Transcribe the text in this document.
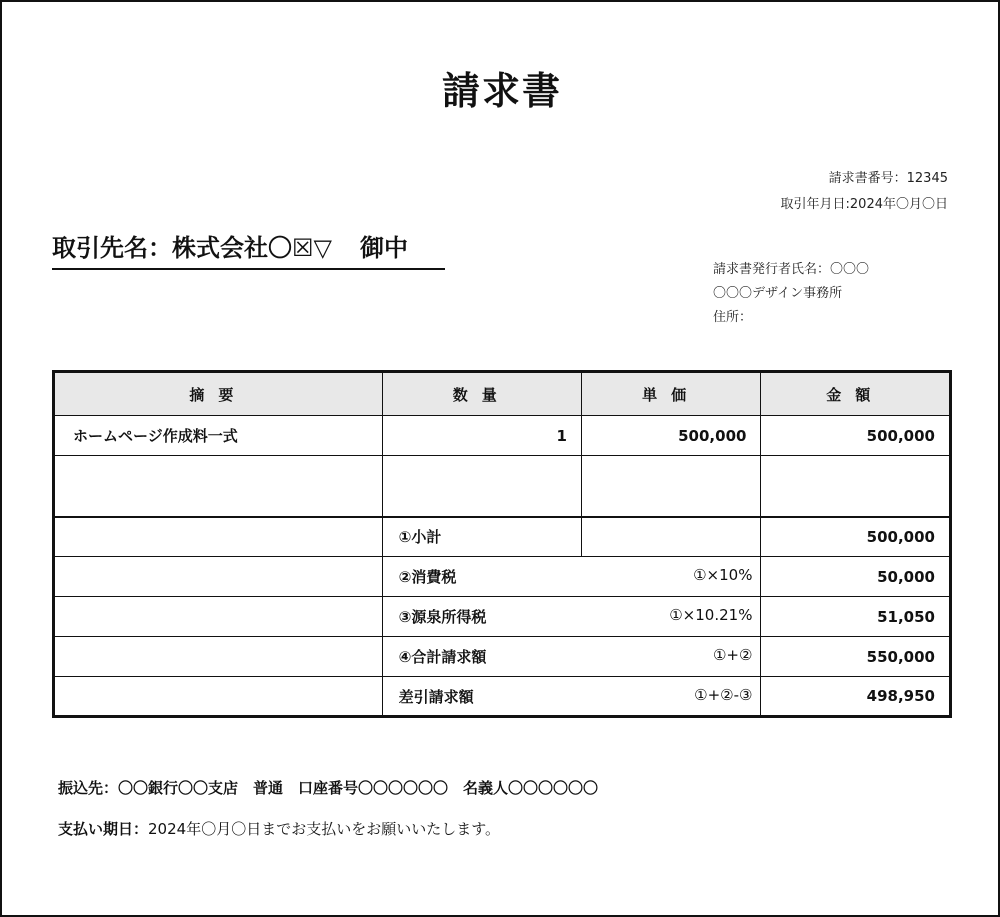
請求書
請求書番号：12345
取引年月日:2024年〇月〇日
取引先名：株式会社〇☒▽ 御中
請求書発行者氏名：〇〇〇
〇〇〇デザイン事務所
住所：
摘要	数量	単価	金額
ホームページ作成料一式	1	500,000	500,000

	①小計		500,000
	②消費税 ①×10%		50,000
	③源泉所得税 ①×10.21%		51,050
	④合計請求額 ①+②		550,000
	差引請求額 ①+②-③		498,950
振込先：〇〇銀行〇〇支店　普通　口座番号〇〇〇〇〇〇　名義人〇〇〇〇〇〇
支払い期日：2024年〇月〇日までお支払いをお願いいたします。
